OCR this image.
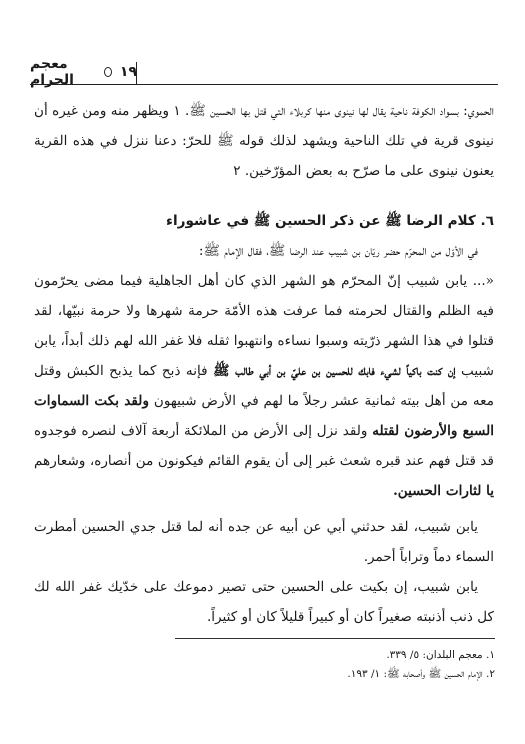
معجم الحرام	١٩

الحموي: بسواد الكوفة ناحية يقال لها نينوى منها كربلاء التي قتل بها الحسين ﷺ. ١ ويظهر منه ومن غيره أن نينوى قرية في تلك الناحية ويشهد لذلك قوله ﷺ للحرّ: دعنا ننزل في هذه القرية يعنون نينوى على ما صرّح به بعض المؤرّخين. ٢

٦. كلام الرضا ﷺ عن ذكر الحسين ﷺ في عاشوراء

في الأوّل من المحرّم حضر ريّان بن شبيب عند الرضا ﷺ، فقال الإمام ﷺ:

«... يابن شبيب إنّ المحرّم هو الشهر الذي كان أهل الجاهلية فيما مضى يحرّمون فيه الظلم والقتال لحرمته فما عرفت هذه الأمّة حرمة شهرها ولا حرمة نبيّها، لقد قتلوا في هذا الشهر ذرّيته وسبوا نساءه وانتهبوا ثقله فلا غفر الله لهم ذلك أبداً، يابن شبيب إن كنت باكياً لشيء فابك للحسين بن عليّ بن أبي طالب ﷺ فإنه ذبح كما يذبح الكبش وقتل معه من أهل بيته ثمانية عشر رجلاً ما لهم في الأرض شبيهون ولقد بكت السماوات السبع والأرضون لقتله ولقد نزل إلى الأرض من الملائكة أربعة آلاف لنصره فوجدوه قد قتل فهم عند قبره شعث غبر إلى أن يقوم القائم فيكونون من أنصاره، وشعارهم يا لثارات الحسين.

يابن شبيب، لقد حدثني أبي عن أبيه عن جده أنه لما قتل جدي الحسين أمطرت السماء دماً وتراباً أحمر.

يابن شبيب، إن بكيت على الحسين حتى تصير دموعك على خدّيك غفر الله لك كل ذنب أذنبته صغيراً كان أو كبيراً قليلاً كان أو كثيراً.

١. معجم البلدان: ٥/ ٣٣٩.
٢. الإمام الحسين ﷺ وأصحابه ﷺ: ١/ ١٩٣.
